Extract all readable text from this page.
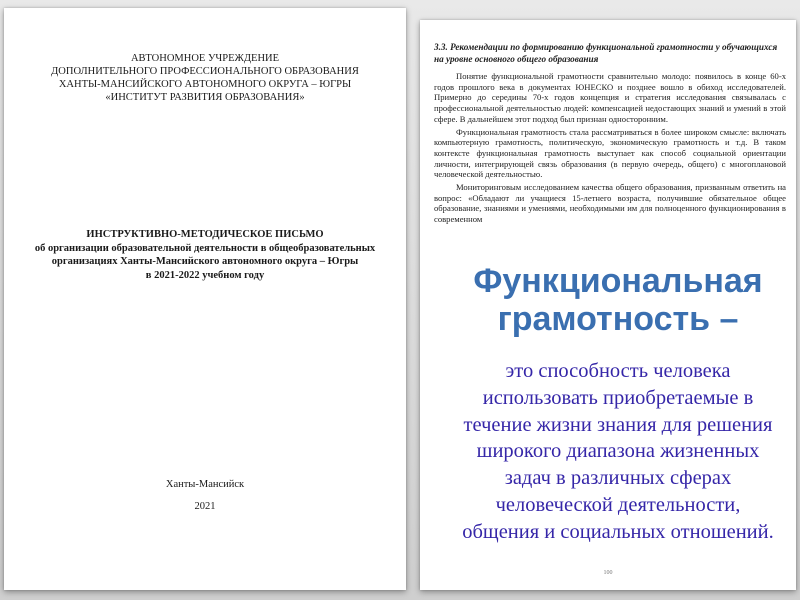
АВТОНОМНОЕ УЧРЕЖДЕНИЕ
ДОПОЛНИТЕЛЬНОГО ПРОФЕССИОНАЛЬНОГО ОБРАЗОВАНИЯ
ХАНТЫ-МАНСИЙСКОГО АВТОНОМНОГО ОКРУГА – ЮГРЫ
«ИНСТИТУТ РАЗВИТИЯ ОБРАЗОВАНИЯ»
ИНСТРУКТИВНО-МЕТОДИЧЕСКОЕ ПИСЬМО
об организации образовательной деятельности в общеобразовательных
организациях Ханты-Мансийского автономного округа – Югры
в 2021-2022 учебном году
Ханты-Мансийск
2021

3.3. Рекомендации по формированию функциональной грамотности у обучающихся на уровне основного общего образования

Понятие функциональной грамотности сравнительно молодо: появилось в конце 60-х годов прошлого века в документах ЮНЕСКО и позднее вошло в обиход исследователей. Примерно до середины 70-х годов концепция и стратегия исследования связывалась с профессиональной деятельностью людей: компенсацией недостающих знаний и умений в этой сфере. В дальнейшем этот подход был признан односторонним.

Функциональная грамотность стала рассматриваться в более широком смысле: включать компьютерную грамотность, политическую, экономическую грамотность и т.д. В таком контексте функциональная грамотность выступает как способ социальной ориентации личности, интегрирующей связь образования (в первую очередь, общего) с многоплановой человеческой деятельностью.

Мониторинговым исследованием качества общего образования, призванным ответить на вопрос: «Обладают ли учащиеся 15-летнего возраста, получившие обязательное общее образование, знаниями и умениями, необходимыми им для полноценного функционирования в современном

100
Функциональная
грамотность –
это способность человека
использовать приобретаемые в
течение жизни знания для решения
широкого диапазона жизненных
задач в различных сферах
человеческой деятельности,
общения и социальных отношений.
